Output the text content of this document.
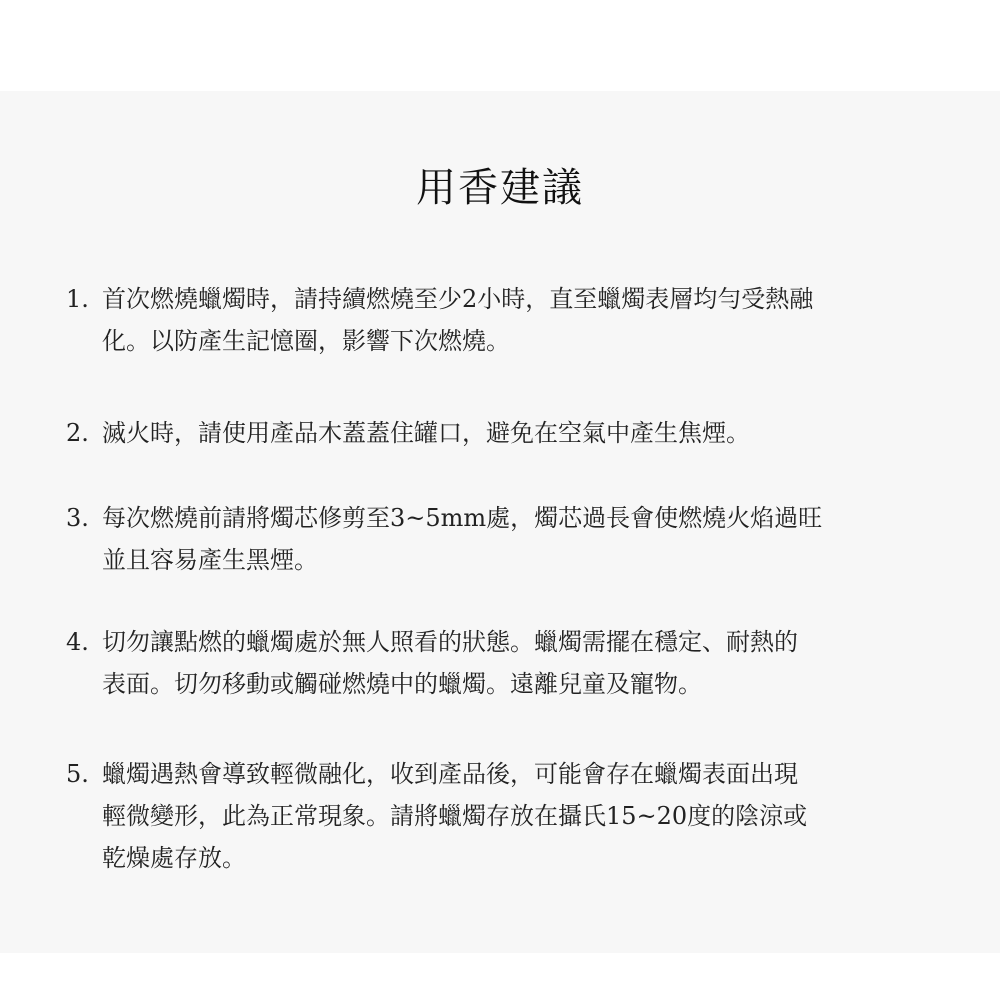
用香建議
1. 首次燃燒蠟燭時，請持續燃燒至少2小時，直至蠟燭表層均勻受熱融
化。以防產生記憶圈，影響下次燃燒。
2. 滅火時，請使用產品木蓋蓋住罐口，避免在空氣中產生焦煙。
3. 每次燃燒前請將燭芯修剪至3~5mm處，燭芯過長會使燃燒火焰過旺
並且容易產生黑煙。
4. 切勿讓點燃的蠟燭處於無人照看的狀態。蠟燭需擺在穩定、耐熱的
表面。切勿移動或觸碰燃燒中的蠟燭。遠離兒童及寵物。
5. 蠟燭遇熱會導致輕微融化，收到產品後，可能會存在蠟燭表面出現
輕微變形，此為正常現象。請將蠟燭存放在攝氏15~20度的陰涼或
乾燥處存放。
